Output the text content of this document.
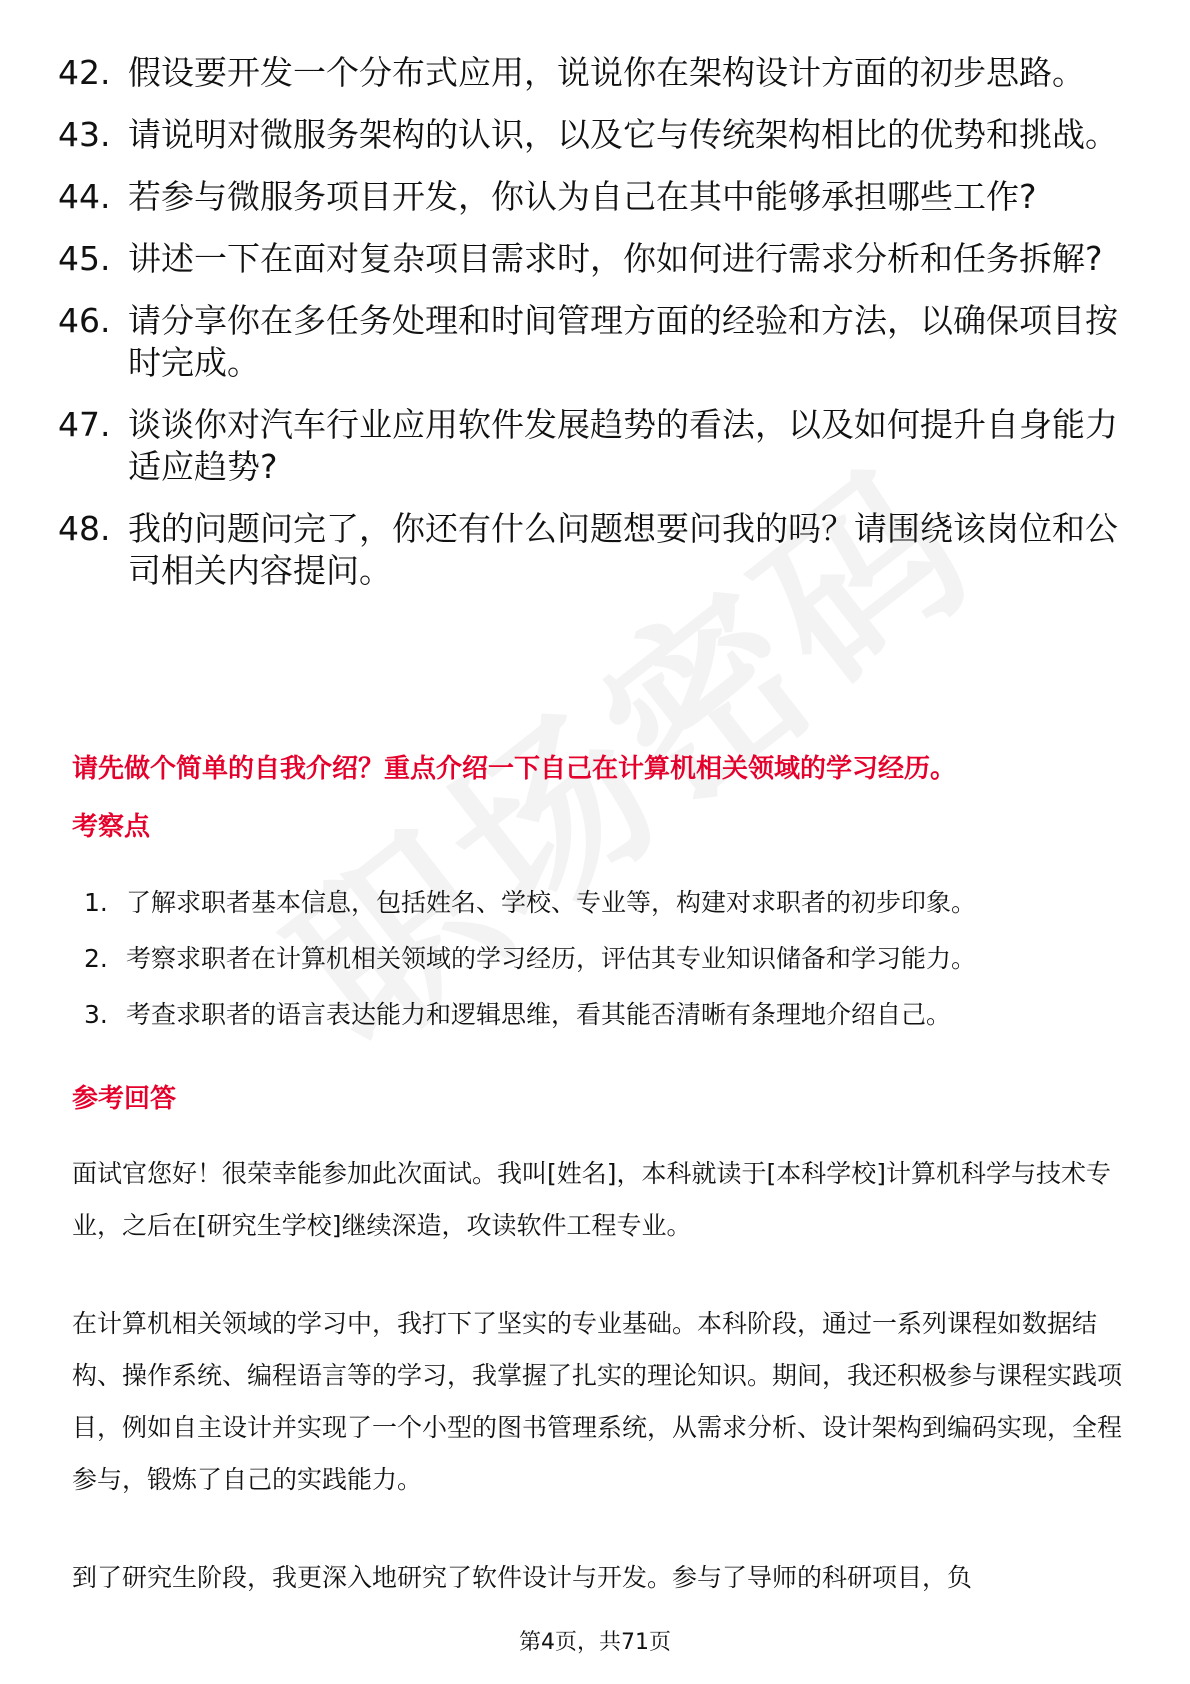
42. 假设要开发一个分布式应用，说说你在架构设计方面的初步思路。
43. 请说明对微服务架构的认识，以及它与传统架构相比的优势和挑战。
44. 若参与微服务项目开发，你认为自己在其中能够承担哪些工作?
45. 讲述一下在面对复杂项目需求时，你如何进行需求分析和任务拆解?
46. 请分享你在多任务处理和时间管理方面的经验和方法，以确保项目按时完成。
47. 谈谈你对汽车行业应用软件发展趋势的看法，以及如何提升自身能力适应趋势?
48. 我的问题问完了，你还有什么问题想要问我的吗？请围绕该岗位和公司相关内容提问。
请先做个简单的自我介绍？重点介绍一下自己在计算机相关领域的学习经历。
考察点
1. 了解求职者基本信息，包括姓名、学校、专业等，构建对求职者的初步印象。
2. 考察求职者在计算机相关领域的学习经历，评估其专业知识储备和学习能力。
3. 考查求职者的语言表达能力和逻辑思维，看其能否清晰有条理地介绍自己。
参考回答

面试官您好！很荣幸能参加此次面试。我叫[姓名]，本科就读于[本科学校]计算机科学与技术专业，之后在[研究生学校]继续深造，攻读软件工程专业。

在计算机相关领域的学习中，我打下了坚实的专业基础。本科阶段，通过一系列课程如数据结构、操作系统、编程语言等的学习，我掌握了扎实的理论知识。期间，我还积极参与课程实践项目，例如自主设计并实现了一个小型的图书管理系统，从需求分析、设计架构到编码实现，全程参与，锻炼了自己的实践能力。

到了研究生阶段，我更深入地研究了软件设计与开发。参与了导师的科研项目，负

第4页，共71页
